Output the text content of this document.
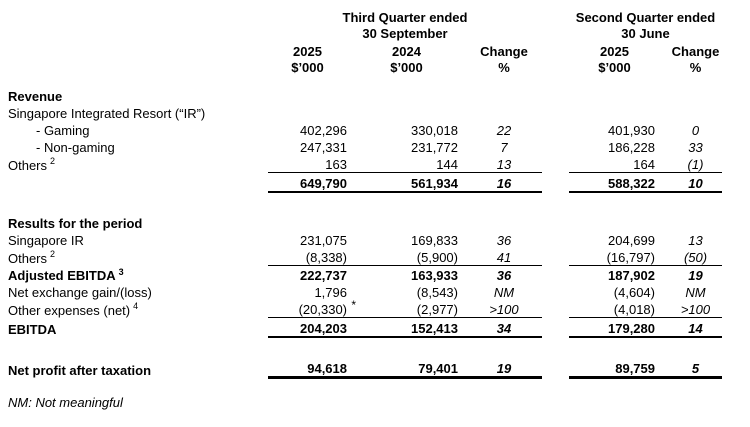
Third Quarter ended
30 September

Second Quarter ended
30 June

	2025	2024	Change		2025	Change
	$’000	$’000	%		$’000	%
Revenue						
Singapore Integrated Resort (“IR”)						
- Gaming	402,296	330,018	22		401,930	0
- Non-gaming	247,331	231,772	7		186,228	33
Others $^2$	163	144	13		164	(1)
	649,790	561,934	16		588,322	10

Results for the period						
Singapore IR	231,075	169,833	36		204,699	13
Others $^2$	(8,338)	(5,900)	41		(16,797)	(50)
Adjusted EBITDA $^3$	222,737	163,933	36		187,902	19
Net exchange gain/(loss)	1,796	(8,543)	NM		(4,604)	NM
Other expenses (net) $^4$	(20,330) *	(2,977)	>100		(4,018)	>100
EBITDA	204,203	152,413	34		179,280	14

Net profit after taxation	94,618	79,401	19		89,759	5
NM: Not meaningful
